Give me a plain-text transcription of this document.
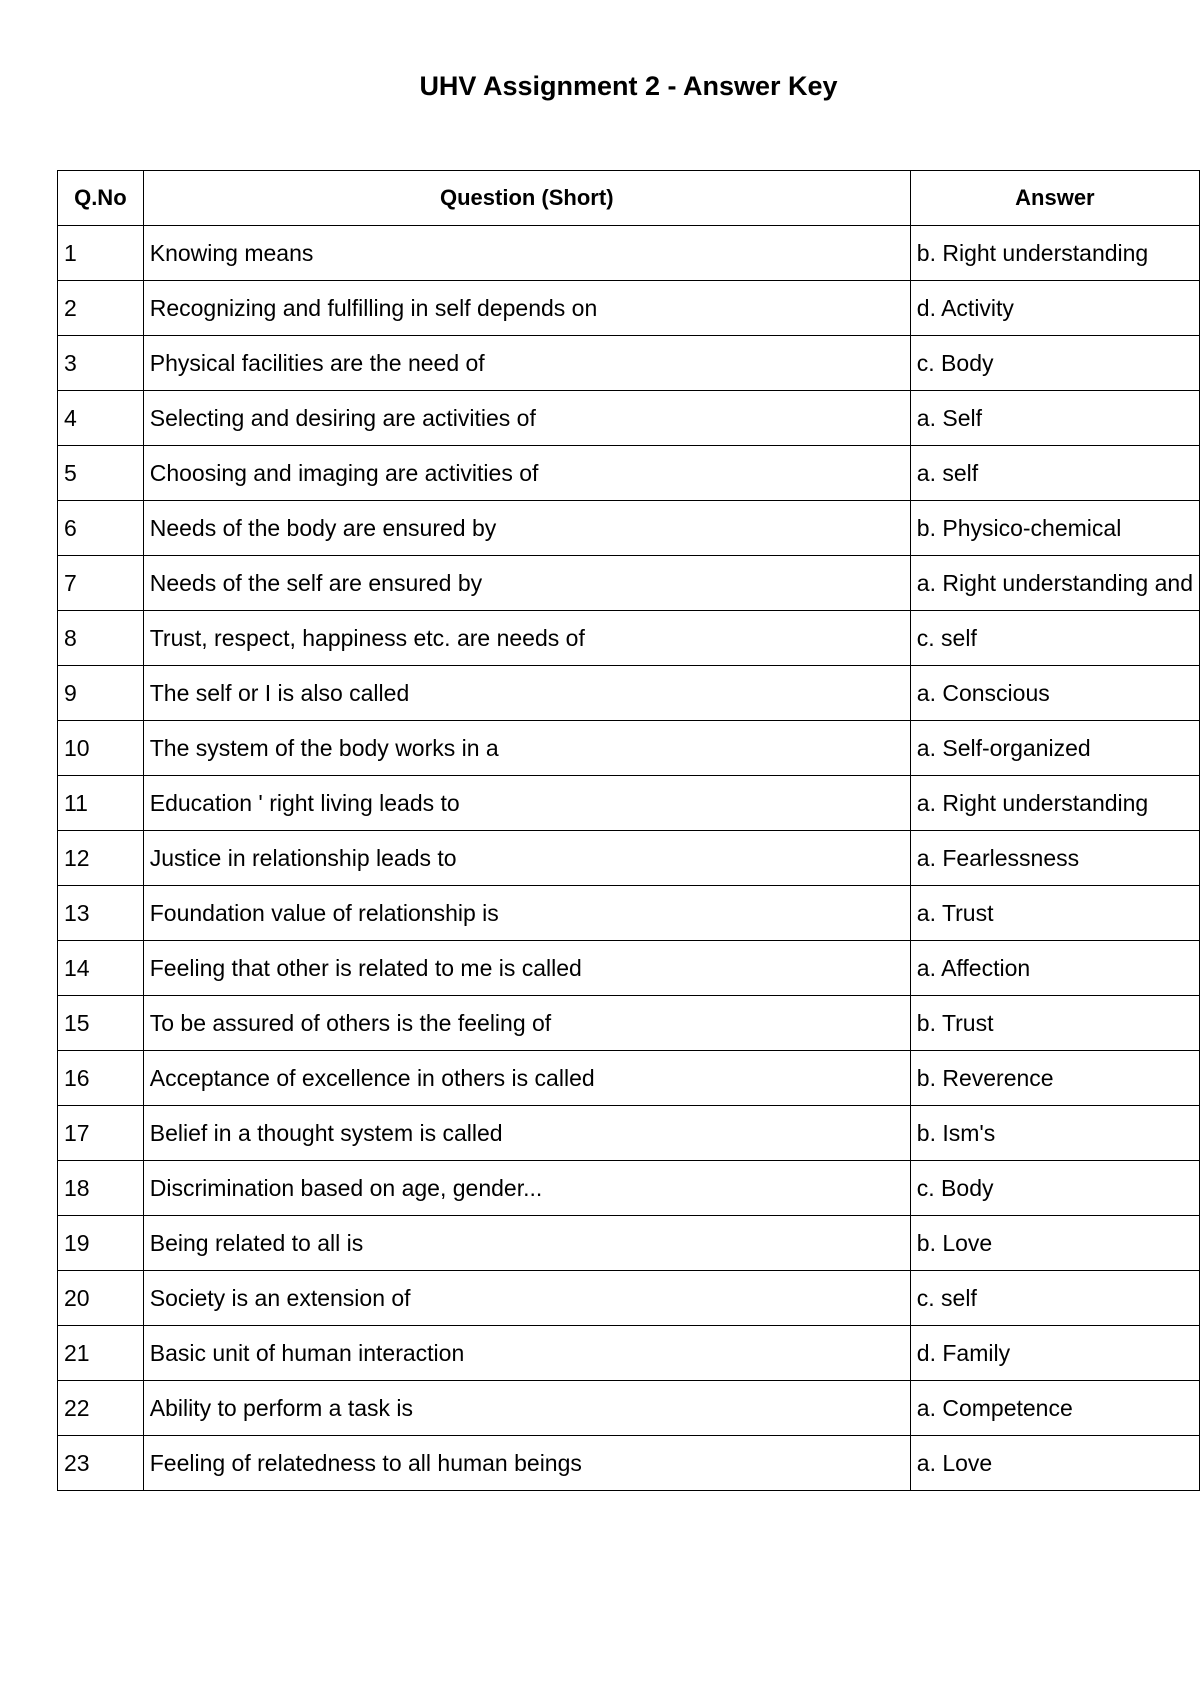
UHV Assignment 2 - Answer Key
Q.No	Question (Short)	Answer
1	Knowing means	b. Right understanding
2	Recognizing and fulfilling in self depends on	d. Activity
3	Physical facilities are the need of	c. Body
4	Selecting and desiring are activities of	a. Self
5	Choosing and imaging are activities of	a. self
6	Needs of the body are ensured by	b. Physico-chemical
7	Needs of the self are ensured by	a. Right understanding and
8	Trust, respect, happiness etc. are needs of	c. self
9	The self or I is also called	a. Conscious
10	The system of the body works in a	a. Self-organized
11	Education ' right living leads to	a. Right understanding
12	Justice in relationship leads to	a. Fearlessness
13	Foundation value of relationship is	a. Trust
14	Feeling that other is related to me is called	a. Affection
15	To be assured of others is the feeling of	b. Trust
16	Acceptance of excellence in others is called	b. Reverence
17	Belief in a thought system is called	b. Ism's
18	Discrimination based on age, gender...	c. Body
19	Being related to all is	b. Love
20	Society is an extension of	c. self
21	Basic unit of human interaction	d. Family
22	Ability to perform a task is	a. Competence
23	Feeling of relatedness to all human beings	a. Love
